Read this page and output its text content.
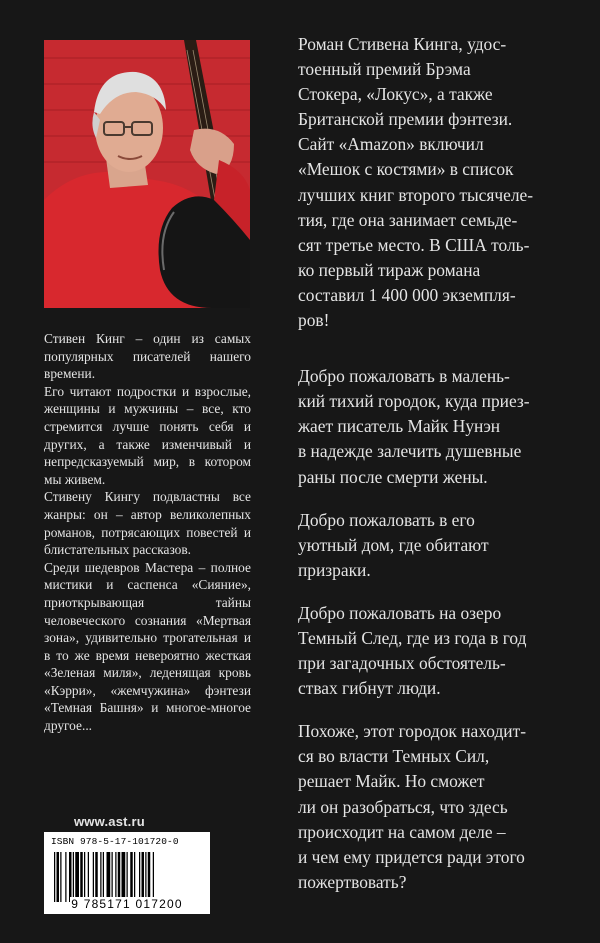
Стивен Кинг – один из самых популярных писателей нашего времени.

Его читают подростки и взрослые, женщины и мужчины – все, кто стремится лучше понять себя и других, а также изменчивый и непредсказуемый мир, в котором мы живем.

Стивену Кингу подвластны все жанры: он – автор великолепных романов, потрясающих повестей и блистательных рассказов.

Среди шедевров Мастера – полное мистики и саспенса «Сияние», приоткрывающая тайны человеческого сознания «Мертвая зона», удивительно трогательная и в то же время невероятно жесткая «Зеленая миля», леденящая кровь «Кэрри», «жемчужина» фэнтези «Темная Башня» и многое-многое другое...

Роман Стивена Кинга, удос-
тоенный премий Брэма
Стокера, «Локус», а также
Британской премии фэнтези.
Сайт «Amazon» включил
«Мешок с костями» в список
лучших книг второго тысячеле-
тия, где она занимает семьде-
сят третье место. В США толь-
ко первый тираж романа
составил 1 400 000 экземпля-
ров!

Добро пожаловать в малень-
кий тихий городок, куда приез-
жает писатель Майк Нунэн
в надежде залечить душевные
раны после смерти жены.

Добро пожаловать в его
уютный дом, где обитают
призраки.

Добро пожаловать на озеро
Темный След, где из года в год
при загадочных обстоятель-
ствах гибнут люди.

Похоже, этот городок находит-
ся во власти Темных Сил,
решает Майк. Но сможет
ли он разобраться, что здесь
происходит на самом деле –
и чем ему придется ради этого
пожертвовать?

www.ast.ru
ISBN 978-5-17-101720-0
9 785171 017200
